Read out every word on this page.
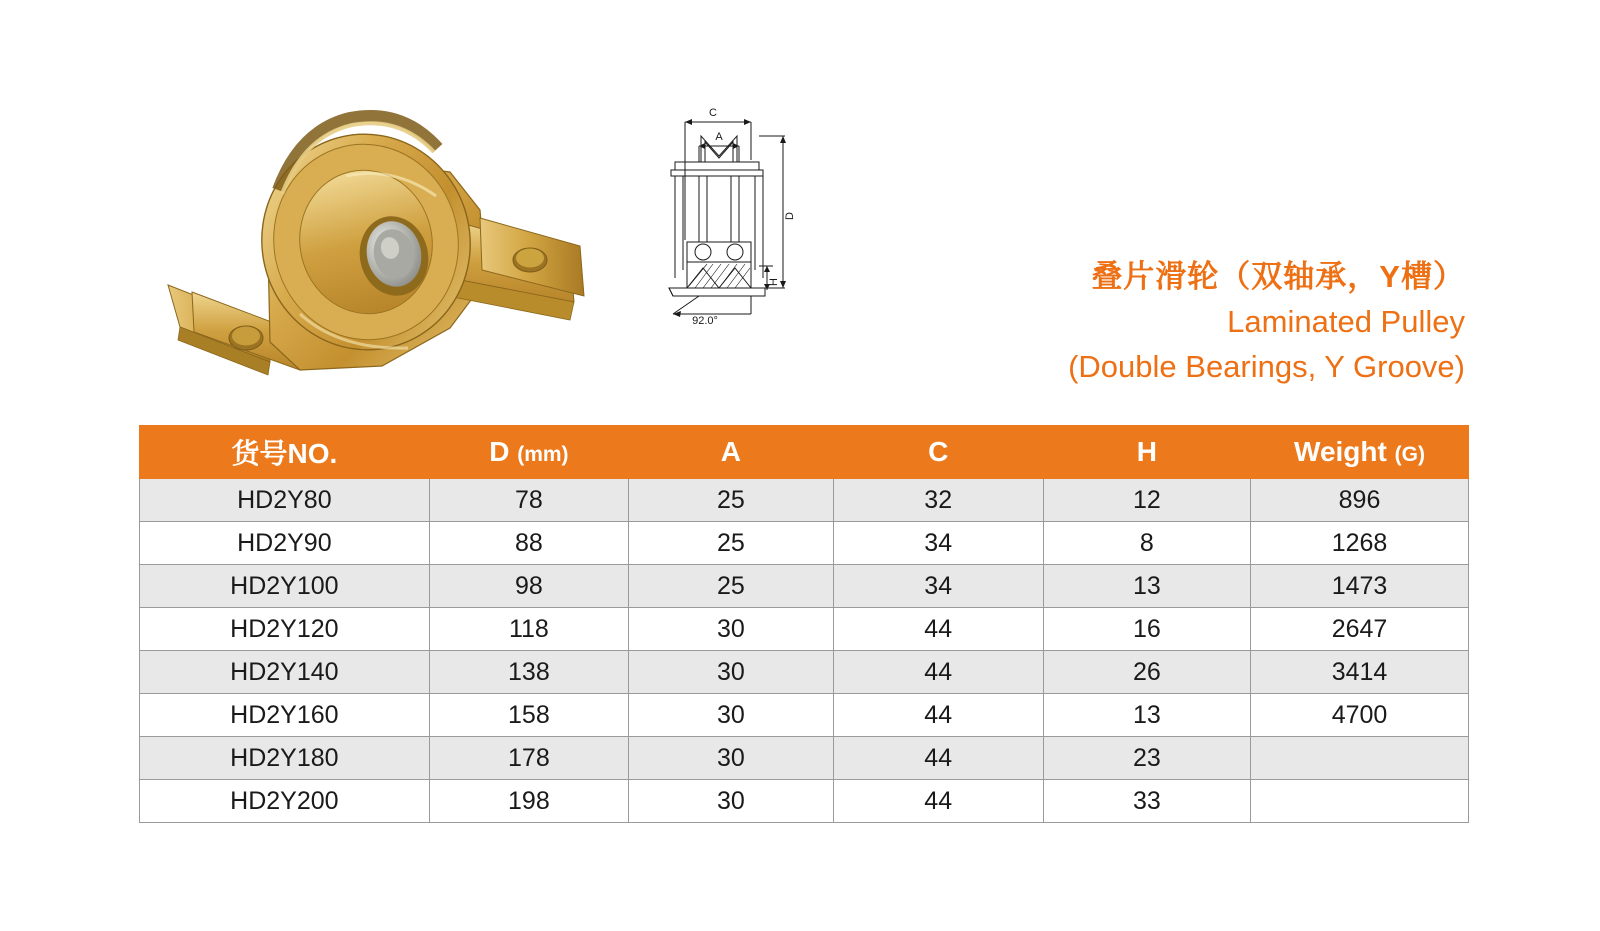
C
A
D
H
92.0°
叠片滑轮（双轴承，Y槽）
Laminated Pulley
(Double Bearings, Y Groove)
货号NO.	D (mm)	A	C	H	Weight (G)
HD2Y80	78	25	32	12	896
HD2Y90	88	25	34	8	1268
HD2Y100	98	25	34	13	1473
HD2Y120	118	30	44	16	2647
HD2Y140	138	30	44	26	3414
HD2Y160	158	30	44	13	4700
HD2Y180	178	30	44	23	
HD2Y200	198	30	44	33	
